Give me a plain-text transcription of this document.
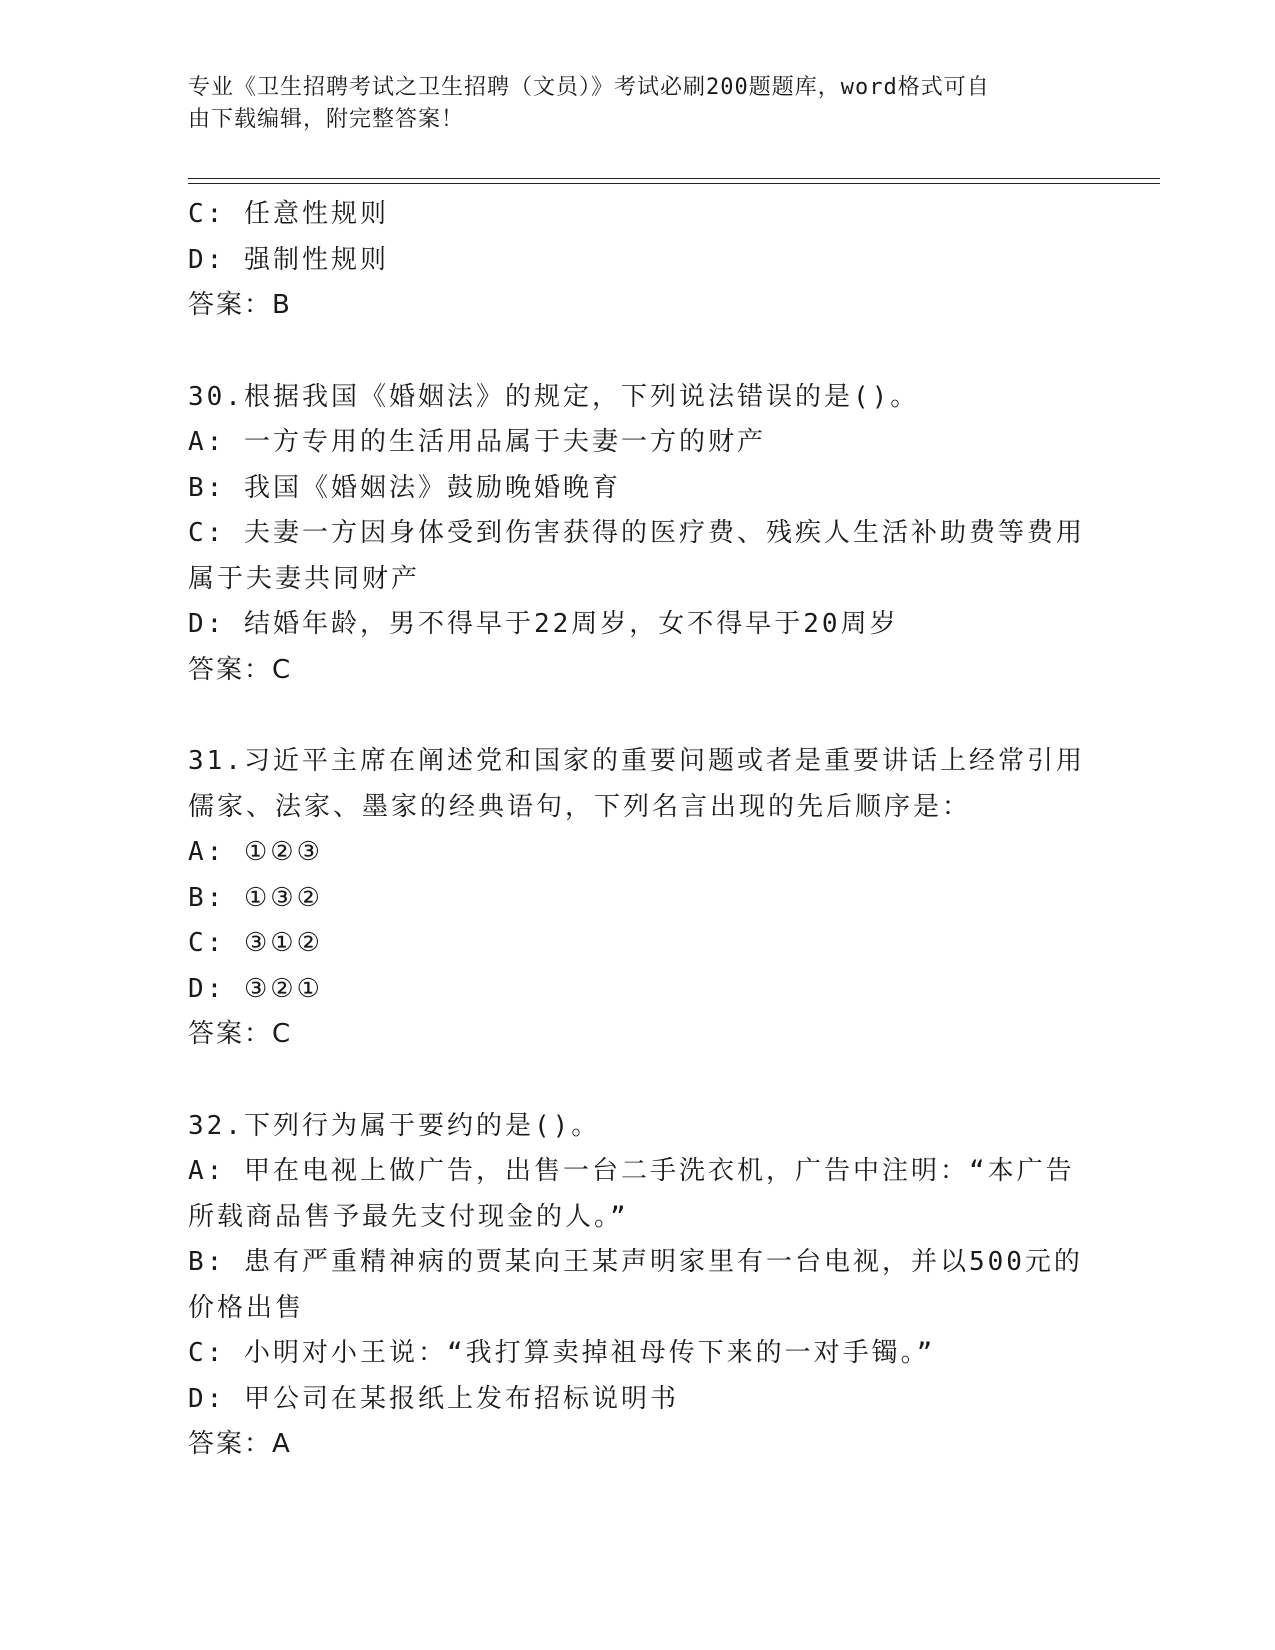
专业《卫生招聘考试之卫生招聘（文员）》考试必刷200题题库，word格式可自
由下载编辑，附完整答案！
C: 任意性规则
D: 强制性规则
答案：B
30.根据我国《婚姻法》的规定，下列说法错误的是()。
A: 一方专用的生活用品属于夫妻一方的财产
B: 我国《婚姻法》鼓励晚婚晚育
C: 夫妻一方因身体受到伤害获得的医疗费、残疾人生活补助费等费用
属于夫妻共同财产
D: 结婚年龄，男不得早于22周岁，女不得早于20周岁
答案：C
31.习近平主席在阐述党和国家的重要问题或者是重要讲话上经常引用
儒家、法家、墨家的经典语句，下列名言出现的先后顺序是：
A: ①②③
B: ①③②
C: ③①②
D: ③②①
答案：C
32.下列行为属于要约的是()。
A: 甲在电视上做广告，出售一台二手洗衣机，广告中注明：“本广告
所载商品售予最先支付现金的人。”
B: 患有严重精神病的贾某向王某声明家里有一台电视，并以500元的
价格出售
C: 小明对小王说：“我打算卖掉祖母传下来的一对手镯。”
D: 甲公司在某报纸上发布招标说明书
答案：A
